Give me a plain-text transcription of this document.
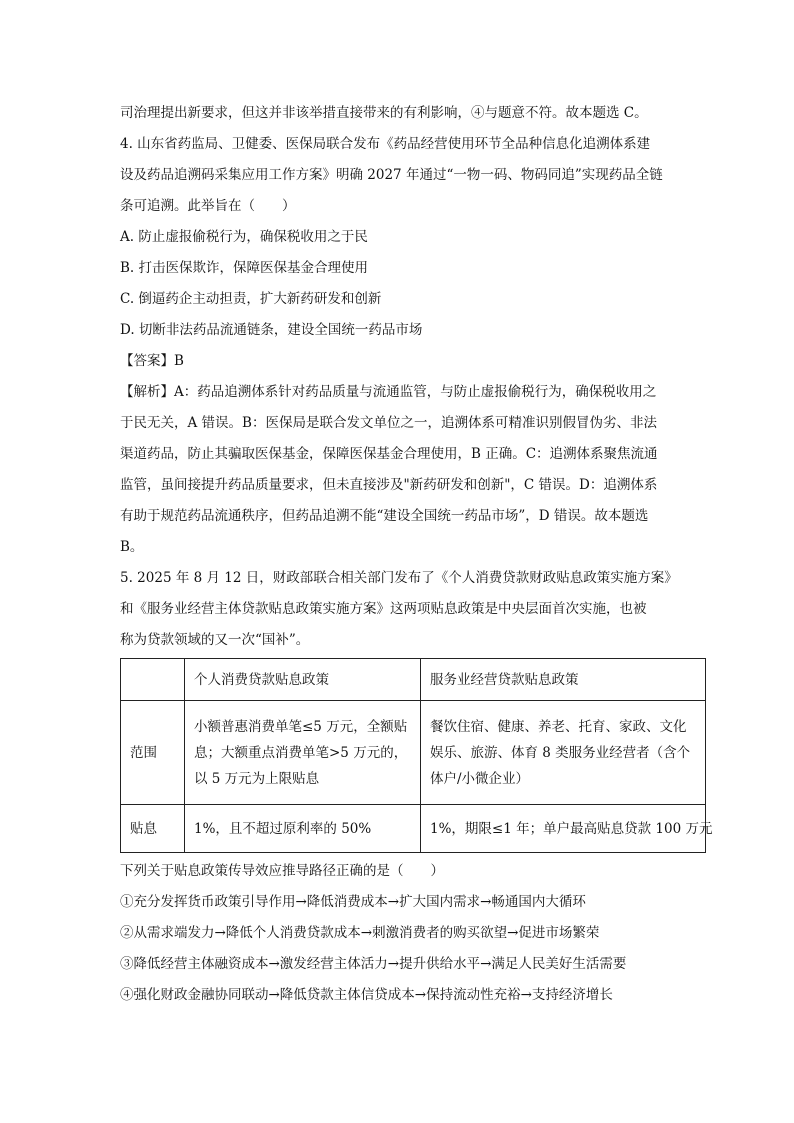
司治理提出新要求，但这并非该举措直接带来的有利影响，④与题意不符。故本题选 C。
4. 山东省药监局、卫健委、医保局联合发布《药品经营使用环节全品种信息化追溯体系建
设及药品追溯码采集应用工作方案》明确 2027 年通过“一物一码、物码同追”实现药品全链
条可追溯。此举旨在（　　）
A. 防止虚报偷税行为，确保税收用之于民
B. 打击医保欺诈，保障医保基金合理使用
C. 倒逼药企主动担责，扩大新药研发和创新
D. 切断非法药品流通链条，建设全国统一药品市场
【答案】B
【解析】A：药品追溯体系针对药品质量与流通监管，与防止虚报偷税行为，确保税收用之
于民无关，A 错误。B：医保局是联合发文单位之一，追溯体系可精准识别假冒伪劣、非法
渠道药品，防止其骗取医保基金，保障医保基金合理使用，B 正确。C：追溯体系聚焦流通
监管，虽间接提升药品质量要求，但未直接涉及"新药研发和创新"，C 错误。D：追溯体系
有助于规范药品流通秩序，但药品追溯不能“建设全国统一药品市场”，D 错误。故本题选
B。
5. 2025 年 8 月 12 日，财政部联合相关部门发布了《个人消费贷款财政贴息政策实施方案》
和《服务业经营主体贷款贴息政策实施方案》这两项贴息政策是中央层面首次实施，也被
称为贷款领域的又一次“国补”。
	个人消费贷款贴息政策	服务业经营贷款贴息政策
范围	小额普惠消费单笔≤5 万元，全额贴
息；大额重点消费单笔>5 万元的，
以 5 万元为上限贴息	餐饮住宿、健康、养老、托育、家政、文化
娱乐、旅游、体育 8 类服务业经营者（含个
体户/小微企业）

贴息	1%，且不超过原利率的 50%	1%，期限≤1 年；单户最高贴息贷款 100 万元
下列关于贴息政策传导效应推导路径正确的是（　　）
①充分发挥货币政策引导作用→降低消费成本→扩大国内需求→畅通国内大循环
②从需求端发力→降低个人消费贷款成本→刺激消费者的购买欲望→促进市场繁荣
③降低经营主体融资成本→激发经营主体活力→提升供给水平→满足人民美好生活需要
④强化财政金融协同联动→降低贷款主体信贷成本→保持流动性充裕→支持经济增长
